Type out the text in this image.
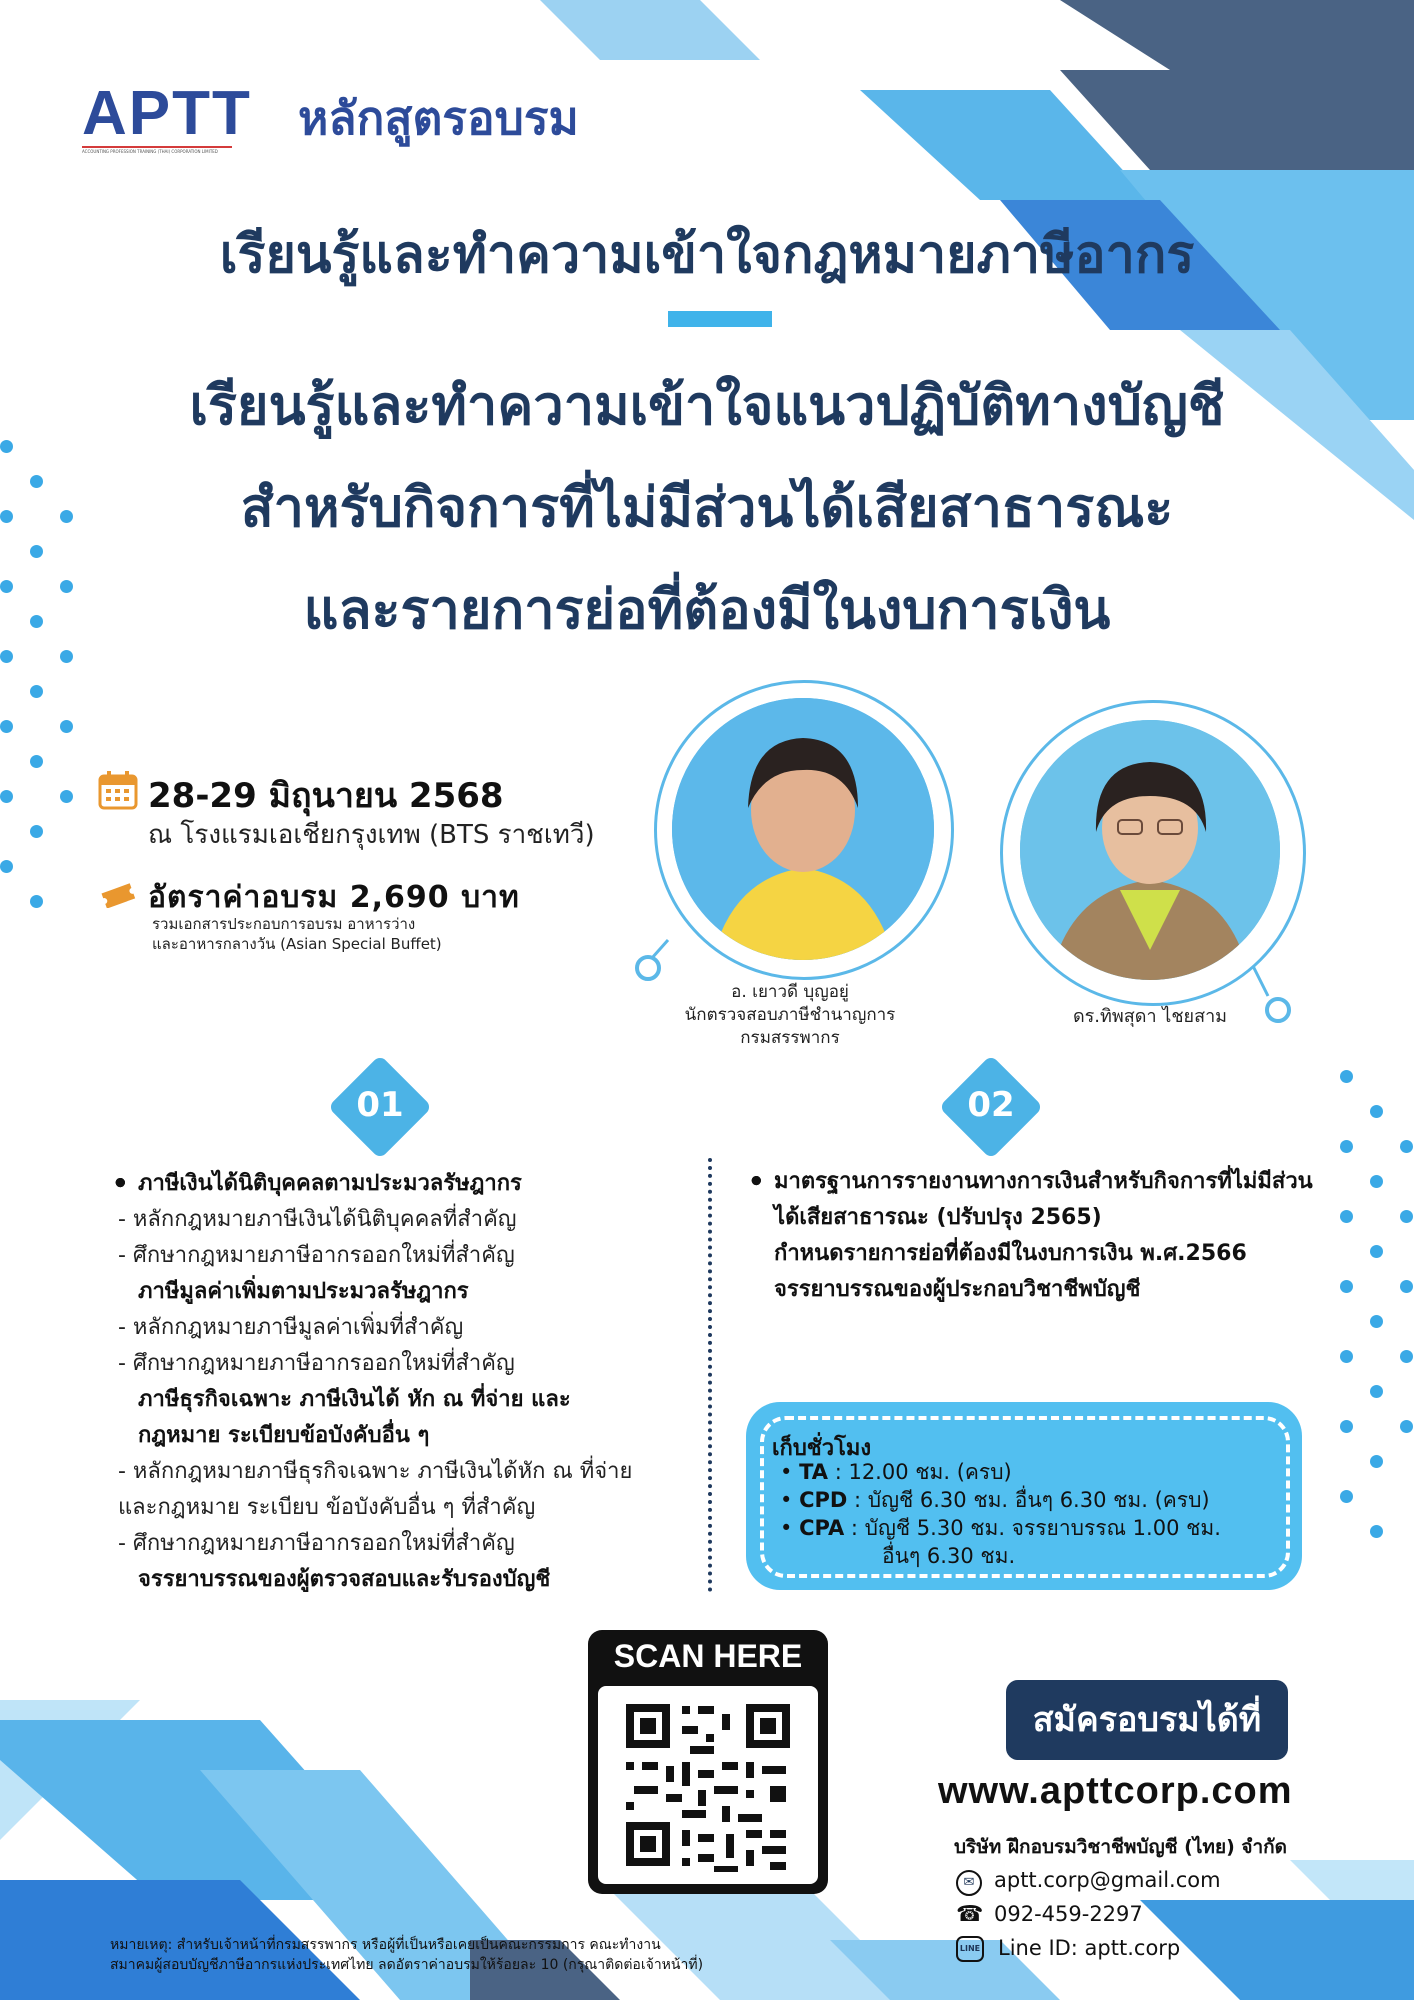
APTT
ACCOUNTING PROFESSION TRAINING (THAI) CORPORATION LIMITED
หลักสูตรอบรม
เรียนรู้และทำความเข้าใจกฎหมายภาษีอากร
เรียนรู้และทำความเข้าใจแนวปฏิบัติทางบัญชี
สำหรับกิจการที่ไม่มีส่วนได้เสียสาธารณะ
และรายการย่อที่ต้องมีในงบการเงิน
28-29 มิถุนายน 2568
ณ โรงแรมเอเชียกรุงเทพ (BTS ราชเทวี)
อัตราค่าอบรม 2,690 บาท
รวมเอกสารประกอบการอบรม อาหารว่าง
และอาหารกลางวัน (Asian Special Buffet)
อ. เยาวดี บุญอยู่
นักตรวจสอบภาษีชำนาญการ
กรมสรรพากร
ดร.ทิพสุดา ไชยสาม
01
• ภาษีเงินได้นิติบุคคลตามประมวลรัษฎากร
- หลักกฎหมายภาษีเงินได้นิติบุคคลที่สำคัญ
- ศึกษากฎหมายภาษีอากรออกใหม่ที่สำคัญ
• ภาษีมูลค่าเพิ่มตามประมวลรัษฎากร
- หลักกฎหมายภาษีมูลค่าเพิ่มที่สำคัญ
- ศึกษากฎหมายภาษีอากรออกใหม่ที่สำคัญ
• ภาษีธุรกิจเฉพาะ ภาษีเงินได้ หัก ณ ที่จ่าย และ กฎหมาย ระเบียบข้อบังคับอื่น ๆ
- หลักกฎหมายภาษีธุรกิจเฉพาะ ภาษีเงินได้หัก ณ ที่จ่าย และกฎหมาย ระเบียบ ข้อบังคับอื่น ๆ ที่สำคัญ
- ศึกษากฎหมายภาษีอากรออกใหม่ที่สำคัญ
• จรรยาบรรณของผู้ตรวจสอบและรับรองบัญชี
02
• มาตรฐานการรายงานทางการเงินสำหรับกิจการที่ไม่มีส่วนได้เสียสาธารณะ (ปรับปรุง 2565)
• กำหนดรายการย่อที่ต้องมีในงบการเงิน พ.ศ.2566
• จรรยาบรรณของผู้ประกอบวิชาชีพบัญชี
เก็บชั่วโมง
• TA : 12.00 ชม. (ครบ)
• CPD : บัญชี 6.30 ชม. อื่นๆ 6.30 ชม. (ครบ)
• CPA : บัญชี 5.30 ชม. จรรยาบรรณ 1.00 ชม.
อื่นๆ 6.30 ชม.
SCAN HERE
สมัครอบรมได้ที่
www.apttcorp.com
บริษัท ฝึกอบรมวิชาชีพบัญชี (ไทย) จำกัด
✉ aptt.corp@gmail.com
☎ 092-459-2297
LINE Line ID: aptt.corp
หมายเหตุ: สำหรับเจ้าหน้าที่กรมสรรพากร หรือผู้ที่เป็นหรือเคยเป็นคณะกรรมการ คณะทำงาน
สมาคมผู้สอบบัญชีภาษีอากรแห่งประเทศไทย ลดอัตราค่าอบรมให้ร้อยละ 10 (กรุณาติดต่อเจ้าหน้าที่)
